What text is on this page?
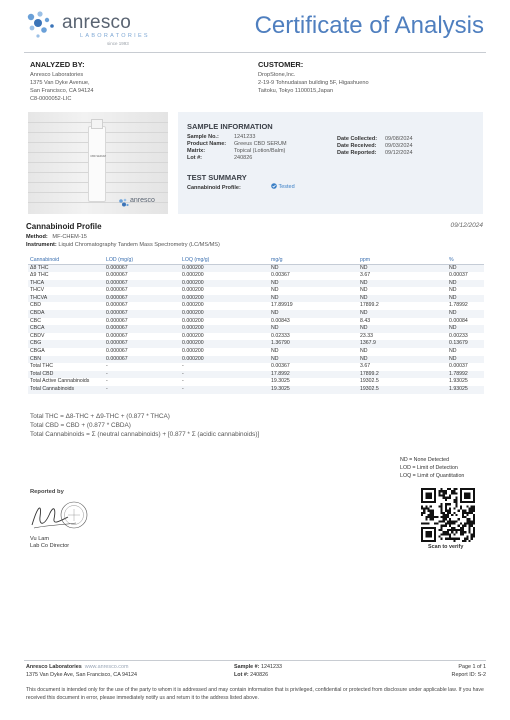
anresco
LABORATORIES
since 1993
Certificate of Analysis
ANALYZED BY:
Anresco Laboratories
1375 Van Dyke Avenue,
San Francisco, CA 94124
C8-0000052-LIC
CUSTOMER:
DropStone,Inc.
2-19-9 Tohnudaisan building 5F, Higashueno
Taitoku, Tokyo 1100015,Japan
CBD SERUM
anresco
SAMPLE INFORMATION
Sample No.:	1241233
Product Name: Greeus CBD SERUM
Matrix:	Topical (Lotion/Balm)
Lot #:	240826
Date Collected: 09/08/2024
Date Received: 09/03/2024
Date Reported: 09/12/2024
TEST SUMMARY
Cannabinoid Profile:	Tested
Cannabinoid Profile	09/12/2024
Method: MF-CHEM-15
Instrument: Liquid Chromatography Tandem Mass Spectrometry (LC/MS/MS)
Cannabinoid	LOD (mg/g)	LOQ (mg/g)	mg/g	ppm	%
Δ8 THC	0.000067	0.000200	ND	ND	ND
Δ9 THC	0.000067	0.000200	0.00367	3.67	0.00037
THCA	0.000067	0.000200	ND	ND	ND
THCV	0.000067	0.000200	ND	ND	ND
THCVA	0.000067	0.000200	ND	ND	ND
CBD	0.000067	0.000200	17.89919	17899.2	1.78992
CBDA	0.000067	0.000200	ND	ND	ND
CBC	0.000067	0.000200	0.00843	8.43	0.00084
CBCA	0.000067	0.000200	ND	ND	ND
CBDV	0.000067	0.000200	0.02333	23.33	0.00233
CBG	0.000067	0.000200	1.36790	1367.9	0.13679
CBGA	0.000067	0.000200	ND	ND	ND
CBN	0.000067	0.000200	ND	ND	ND
Total THC	-	-	0.00367	3.67	0.00037
Total CBD	-	-	17.8992	17899.2	1.78992
Total Active Cannabinoids	-	-	19.3025	19302.5	1.93025
Total Cannabinoids	-	-	19.3025	19302.5	1.93025
Total THC = Δ8-THC + Δ9-THC + (0.877 * THCA)
Total CBD = CBD + (0.877 * CBDA)
Total Cannabinoids = Σ (neutral cannabinoids) + [0.877 * Σ (acidic cannabinoids)]
ND = None Detected
LOD = Limit of Detection
LOQ = Limit of Quantitation
Reported by
Vu Lam
Lab Co Director	Scan to verify
Anresco Laboratories www.anresco.com
1375 Van Dyke Ave, San Francisco, CA 94124
Sample #: 1241233
Lot #: 240826
Page 1 of 1
Report ID: S-2
This document is intended only for the use of the party to whom it is addressed and may contain information that is privileged, confidential or protected from disclosure under applicable law. If you have received this document in error, please immediately notify us and return it to the address listed above.
